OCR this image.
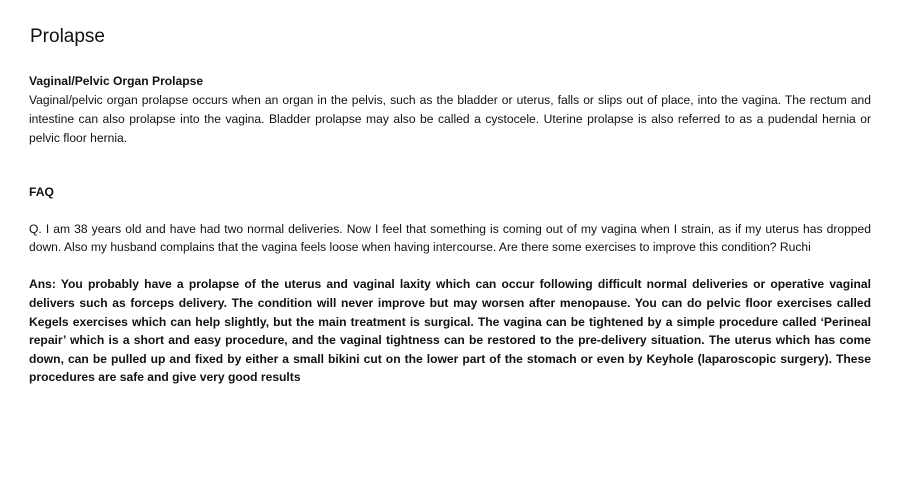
Prolapse

Vaginal/Pelvic Organ Prolapse

Vaginal/pelvic organ prolapse occurs when an organ in the pelvis, such as the bladder or uterus, falls or slips out of place, into the vagina. The rectum and intestine can also prolapse into the vagina. Bladder prolapse may also be called a cystocele. Uterine prolapse is also referred to as a pudendal hernia or pelvic floor hernia.

FAQ

Q. I am 38 years old and have had two normal deliveries. Now I feel that something is coming out of my vagina when I strain, as if my uterus has dropped down. Also my husband complains that the vagina feels loose when having intercourse. Are there some exercises to improve this condition? Ruchi

Ans: You probably have a prolapse of the uterus and vaginal laxity which can occur following difficult normal deliveries or operative vaginal delivers such as forceps delivery. The condition will never improve but may worsen after menopause. You can do pelvic floor exercises called Kegels exercises which can help slightly, but the main treatment is surgical. The vagina can be tightened by a simple procedure called ‘Perineal repair’ which is a short and easy procedure, and the vaginal tightness can be restored to the pre-delivery situation. The uterus which has come down, can be pulled up and fixed by either a small bikini cut on the lower part of the stomach or even by Keyhole (laparoscopic surgery). These procedures are safe and give very good results
